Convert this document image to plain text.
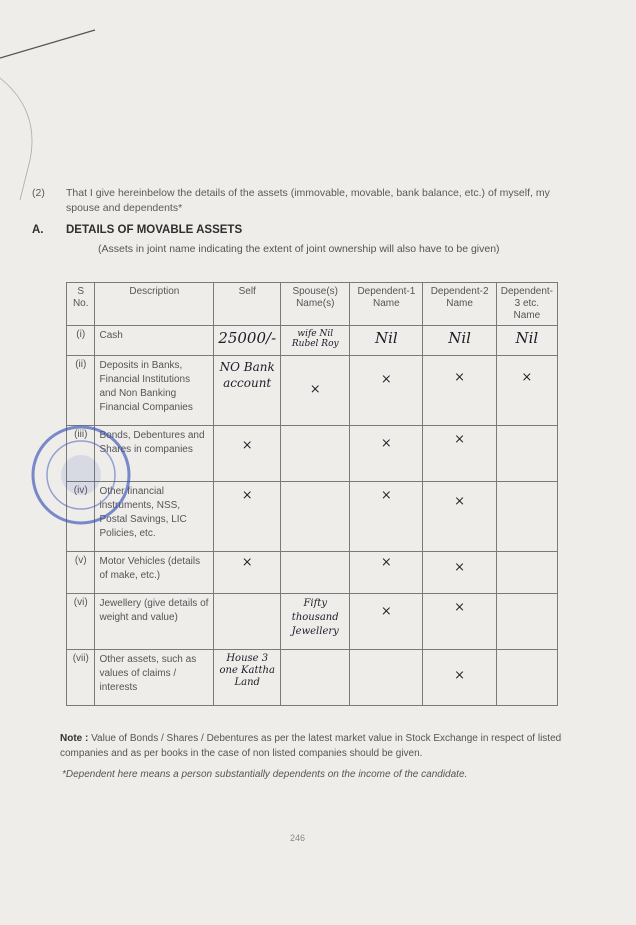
(2) That I give hereinbelow the details of the assets (immovable, movable, bank balance, etc.) of myself, my spouse and dependents*
A. DETAILS OF MOVABLE ASSETS
(Assets in joint name indicating the extent of joint ownership will also have to be given)
S No.	Description	Self	Spouse(s) Name(s)	Dependent-1 Name	Dependent-2 Name	Dependent-3 etc. Name
(i)	Cash	25000/-	wife Nil Rubel Roy	Nil	Nil	Nil
(ii)	Deposits in Banks, Financial Institutions and Non Banking Financial Companies	NO Bank account	×	×	×	×
(iii)	Bonds, Debentures and Shares in companies	×		×	×	
(iv)	Other financial instruments, NSS, Postal Savings, LIC Policies, etc.	×		×	×	
(v)	Motor Vehicles (details of make, etc.)	×		×	×	
(vi)	Jewellery (give details of weight and value)		Fifty thousand Jewellery	×	×	
(vii)	Other assets, such as values of claims / interests	House 3 one Kattha Land			×	
Note : Value of Bonds / Shares / Debentures as per the latest market value in Stock Exchange in respect of listed companies and as per books in the case of non listed companies should be given.
*Dependent here means a person substantially dependents on the income of the candidate.
246
